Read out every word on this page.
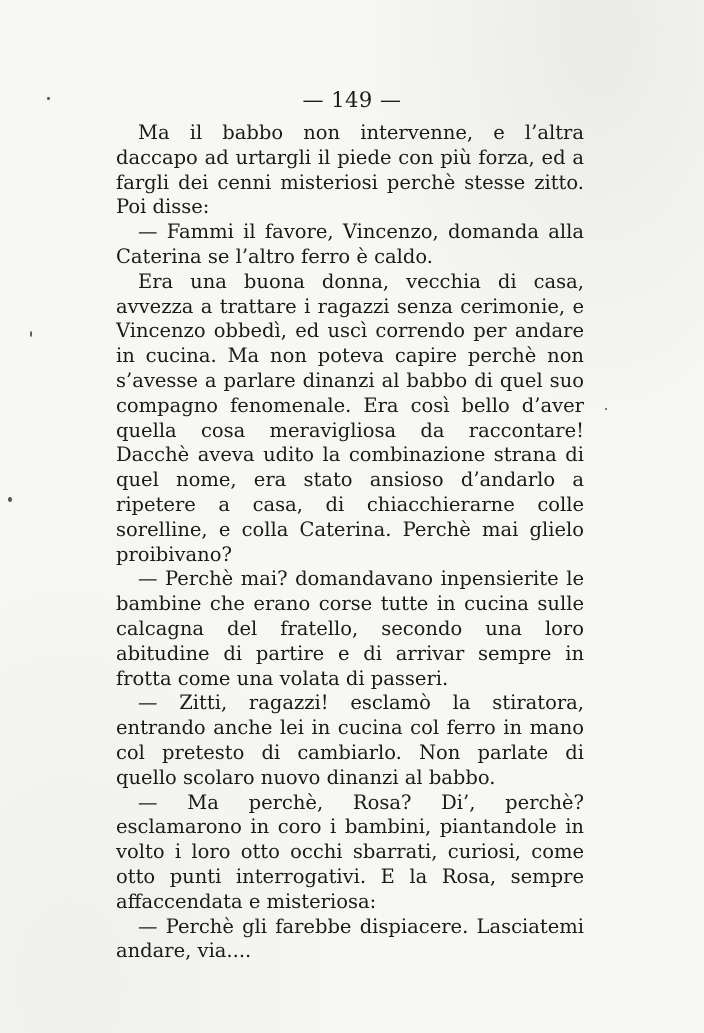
— 149 —

Ma il babbo non intervenne, e l’altra daccapo ad urtargli il piede con più forza, ed a fargli dei cenni misteriosi perchè stesse zitto. Poi disse:

— Fammi il favore, Vincenzo, domanda alla Caterina se l’altro ferro è caldo.

Era una buona donna, vecchia di casa, avvezza a trattare i ragazzi senza cerimonie, e Vincenzo obbedì, ed uscì correndo per andare in cucina. Ma non poteva capire perchè non s’avesse a parlare dinanzi al babbo di quel suo compagno fenomenale. Era così bello d’aver quella cosa meravigliosa da raccontare! Dacchè aveva udito la combinazione strana di quel nome, era stato ansioso d’andarlo a ripetere a casa, di chiacchierarne colle sorelline, e colla Caterina. Perchè mai glielo proibivano?

— Perchè mai? domandavano inpensierite le bambine che erano corse tutte in cucina sulle calcagna del fratello, secondo una loro abitudine di partire e di arrivar sempre in frotta come una volata di passeri.

— Zitti, ragazzi! esclamò la stiratora, entrando anche lei in cucina col ferro in mano col pretesto di cambiarlo. Non parlate di quello scolaro nuovo dinanzi al babbo.

— Ma perchè, Rosa? Di’, perchè? esclamarono in coro i bambini, piantandole in volto i loro otto occhi sbarrati, curiosi, come otto punti interrogativi. E la Rosa, sempre affaccendata e misteriosa:

— Perchè gli farebbe dispiacere. Lasciatemi andare, via....
